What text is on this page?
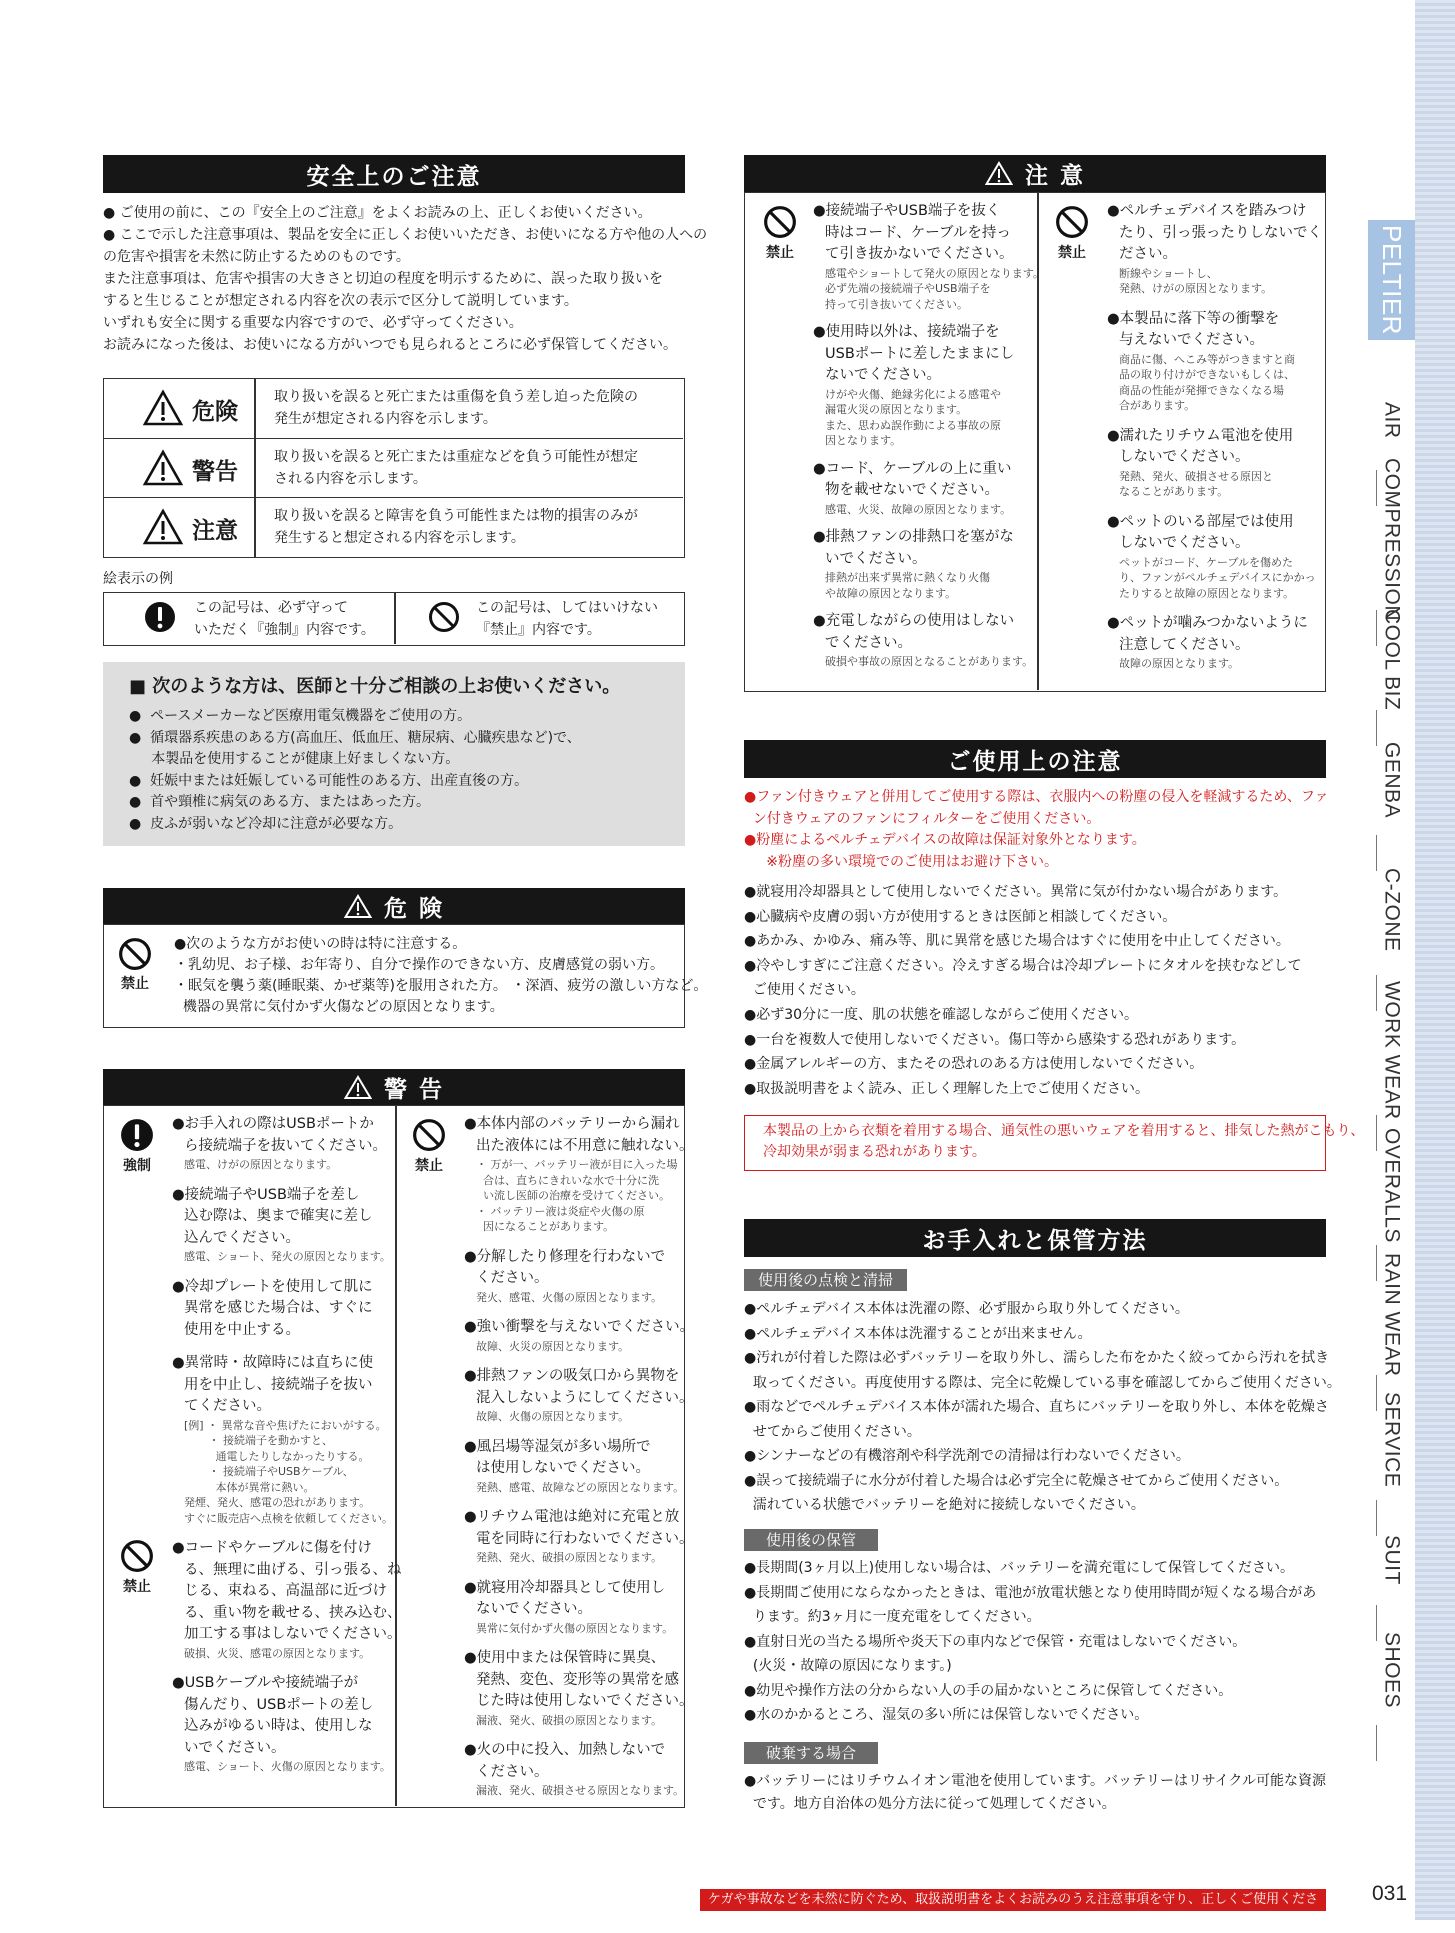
PELTIER
AIR
COMPRESSION
COOL BIZ
GENBA
C-ZONE
WORK WEAR
OVERALLS
RAIN WEAR
SERVICE
SUIT
SHOES
安全上のご注意

● ご使用の前に、この『安全上のご注意』をよくお読みの上、正しくお使いください。

● ここで示した注意事項は、製品を安全に正しくお使いいただき、お使いになる方や他の人への

の危害や損害を未然に防止するためのものです。

また注意事項は、危害や損害の大きさと切迫の程度を明示するために、誤った取り扱いを

すると生じることが想定される内容を次の表示で区分して説明しています。

いずれも安全に関する重要な内容ですので、必ず守ってください。

お読みになった後は、お使いになる方がいつでも見られるところに必ず保管してください。

危険

取り扱いを誤ると死亡または重傷を負う差し迫った危険の

発生が想定される内容を示します。

警告

取り扱いを誤ると死亡または重症などを負う可能性が想定

される内容を示します。

注意

取り扱いを誤ると障害を負う可能性または物的損害のみが

発生すると想定される内容を示します。

絵表示の例

この記号は、必ず守って

いただく『強制』内容です。

この記号は、してはいけない

『禁止』内容です。

■ 次のような方は、医師と十分ご相談の上お使いください。

●  ペースメーカーなど医療用電気機器をご使用の方。

●  循環器系疾患のある方(高血圧、低血圧、糖尿病、心臓疾患など)で、

本製品を使用することが健康上好ましくない方。

●  妊娠中または妊娠している可能性のある方、出産直後の方。

●  首や頸椎に病気のある方、またはあった方。

●  皮ふが弱いなど冷却に注意が必要な方。

危 険
禁止

●次のような方がお使いの時は特に注意する。

・乳幼児、お子様、お年寄り、自分で操作のできない方、皮膚感覚の弱い方。

・眠気を襲う薬(睡眠薬、かぜ薬等)を服用された方。 ・深酒、疲労の激しい方など。

機器の異常に気付かず火傷などの原因となります。

警 告
強制
禁止
禁止

●お手入れの際はUSBポートか

ら接続端子を抜いてください。

感電、けがの原因となります。

●接続端子やUSB端子を差し

込む際は、奥まで確実に差し

込んでください。

感電、ショート、発火の原因となります。

●冷却プレートを使用して肌に

異常を感じた場合は、すぐに

使用を中止する。

●異常時・故障時には直ちに使

用を中止し、接続端子を抜い

てください。

[例] ・ 異常な音や焦げたにおいがする。

・ 接続端子を動かすと、

通電したりしなかったりする。

・ 接続端子やUSBケーブル、

本体が異常に熱い。

発煙、発火、感電の恐れがあります。

すぐに販売店へ点検を依頼してください。

●コードやケーブルに傷を付け

る、無理に曲げる、引っ張る、ね

じる、束ねる、高温部に近づけ

る、重い物を載せる、挟み込む、

加工する事はしないでください。

破損、火災、感電の原因となります。

●USBケーブルや接続端子が

傷んだり、USBポートの差し

込みがゆるい時は、使用しな

いでください。

感電、ショート、火傷の原因となります。

●本体内部のバッテリーから漏れ

出た液体には不用意に触れない。

・ 万が一、バッテリー液が目に入った場

合は、直ちにきれいな水で十分に洗

い流し医師の治療を受けてください。

・ バッテリー液は炎症や火傷の原

因になることがあります。

●分解したり修理を行わないで

ください。

発火、感電、火傷の原因となります。

●強い衝撃を与えないでください。

故障、火災の原因となります。

●排熱ファンの吸気口から異物を

混入しないようにしてください。

故障、火傷の原因となります。

●風呂場等湿気が多い場所で

は使用しないでください。

発熱、感電、故障などの原因となります。

●リチウム電池は絶対に充電と放

電を同時に行わないでください。

発熱、発火、破損の原因となります。

●就寝用冷却器具として使用し

ないでください。

異常に気付かず火傷の原因となります。

●使用中または保管時に異臭、

発熱、変色、変形等の異常を感

じた時は使用しないでください。

漏液、発火、破損の原因となります。

●火の中に投入、加熱しないで

ください。

漏液、発火、破損させる原因となります。

注 意
禁止	禁止

●接続端子やUSB端子を抜く

時はコード、ケーブルを持っ

て引き抜かないでください。

感電やショートして発火の原因となります。

必ず先端の接続端子やUSB端子を

持って引き抜いてください。

●使用時以外は、接続端子を

USBポートに差したままにし

ないでください。

けがや火傷、絶縁劣化による感電や

漏電火災の原因となります。

また、思わぬ誤作動による事故の原

因となります。

●コード、ケーブルの上に重い

物を載せないでください。

感電、火災、故障の原因となります。

●排熱ファンの排熱口を塞がな

いでください。

排熱が出来ず異常に熱くなり火傷

や故障の原因となります。

●充電しながらの使用はしない

でください。

破損や事故の原因となることがあります。

●ペルチェデバイスを踏みつけ

たり、引っ張ったりしないでく

ださい。

断線やショートし、

発熱、けがの原因となります。

●本製品に落下等の衝撃を

与えないでください。

商品に傷、へこみ等がつきますと商

品の取り付けができないもしくは、

商品の性能が発揮できなくなる場

合があります。

●濡れたリチウム電池を使用

しないでください。

発熱、発火、破損させる原因と

なることがあります。

●ペットのいる部屋では使用

しないでください。

ペットがコード、ケーブルを傷めた

り、ファンがペルチェデバイスにかかっ

たりすると故障の原因となります。

●ペットが噛みつかないように

注意してください。

故障の原因となります。

ご使用上の注意

●ファン付きウェアと併用してご使用する際は、衣服内への粉塵の侵入を軽減するため、ファ

ン付きウェアのファンにフィルターをご使用ください。

●粉塵によるペルチェデバイスの故障は保証対象外となります。

※粉塵の多い環境でのご使用はお避け下さい。

●就寝用冷却器具として使用しないでください。異常に気が付かない場合があります。

●心臓病や皮膚の弱い方が使用するときは医師と相談してください。

●あかみ、かゆみ、痛み等、肌に異常を感じた場合はすぐに使用を中止してください。

●冷やしすぎにご注意ください。冷えすぎる場合は冷却プレートにタオルを挟むなどして

ご使用ください。

●必ず30分に一度、肌の状態を確認しながらご使用ください。

●一台を複数人で使用しないでください。傷口等から感染する恐れがあります。

●金属アレルギーの方、またその恐れのある方は使用しないでください。

●取扱説明書をよく読み、正しく理解した上でご使用ください。

本製品の上から衣類を着用する場合、通気性の悪いウェアを着用すると、排気した熱がこもり、

冷却効果が弱まる恐れがあります。

お手入れと保管方法
使用後の点検と清掃

●ペルチェデバイス本体は洗濯の際、必ず服から取り外してください。

●ペルチェデバイス本体は洗濯することが出来ません。

●汚れが付着した際は必ずバッテリーを取り外し、濡らした布をかたく絞ってから汚れを拭き

取ってください。再度使用する際は、完全に乾燥している事を確認してからご使用ください。

●雨などでペルチェデバイス本体が濡れた場合、直ちにバッテリーを取り外し、本体を乾燥さ

せてからご使用ください。

●シンナーなどの有機溶剤や科学洗剤での清掃は行わないでください。

●誤って接続端子に水分が付着した場合は必ず完全に乾燥させてからご使用ください。

濡れている状態でバッテリーを絶対に接続しないでください。

使用後の保管

●長期間(3ヶ月以上)使用しない場合は、バッテリーを満充電にして保管してください。

●長期間ご使用にならなかったときは、電池が放電状態となり使用時間が短くなる場合があ

ります。約3ヶ月に一度充電をしてください。

●直射日光の当たる場所や炎天下の車内などで保管・充電はしないでください。

(火災・故障の原因になります。)

●幼児や操作方法の分からない人の手の届かないところに保管してください。

●水のかかるところ、湿気の多い所には保管しないでください。

破棄する場合

●バッテリーにはリチウムイオン電池を使用しています。バッテリーはリサイクル可能な資源

です。地方自治体の処分方法に従って処理してください。

ケガや事故などを未然に防ぐため、取扱説明書をよくお読みのうえ注意事項を守り、正しくご使用ください。
031
